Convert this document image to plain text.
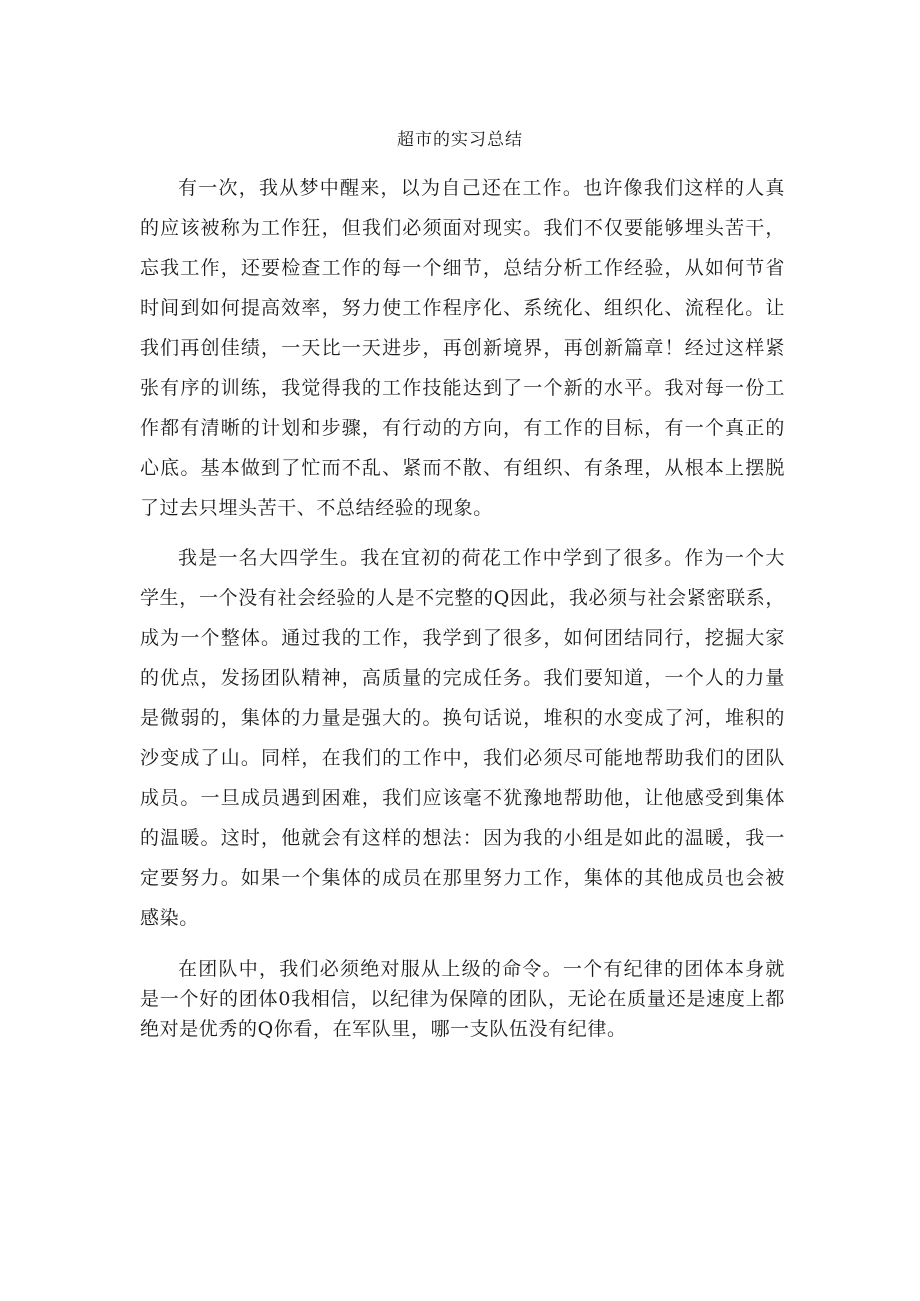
超市的实习总结

有一次，我从梦中醒来，以为自己还在工作。也许像我们这样的人真的应该被称为工作狂，但我们必须面对现实。我们不仅要能够埋头苦干，忘我工作，还要检查工作的每一个细节，总结分析工作经验，从如何节省时间到如何提高效率，努力使工作程序化、系统化、组织化、流程化。让我们再创佳绩，一天比一天进步，再创新境界，再创新篇章！经过这样紧张有序的训练，我觉得我的工作技能达到了一个新的水平。我对每一份工作都有清晰的计划和步骤，有行动的方向，有工作的目标，有一个真正的心底。基本做到了忙而不乱、紧而不散、有组织、有条理，从根本上摆脱了过去只埋头苦干、不总结经验的现象。

我是一名大四学生。我在宜初的荷花工作中学到了很多。作为一个大学生，一个没有社会经验的人是不完整的Q因此，我必须与社会紧密联系，成为一个整体。通过我的工作，我学到了很多，如何团结同行，挖掘大家的优点，发扬团队精神，高质量的完成任务。我们要知道，一个人的力量是微弱的，集体的力量是强大的。换句话说，堆积的水变成了河，堆积的沙变成了山。同样，在我们的工作中，我们必须尽可能地帮助我们的团队成员。一旦成员遇到困难，我们应该毫不犹豫地帮助他，让他感受到集体的温暖。这时，他就会有这样的想法：因为我的小组是如此的温暖，我一定要努力。如果一个集体的成员在那里努力工作，集体的其他成员也会被感染。

在团队中，我们必须绝对服从上级的命令。一个有纪律的团体本身就是一个好的团体0我相信，以纪律为保障的团队，无论在质量还是速度上都绝对是优秀的Q你看，在军队里，哪一支队伍没有纪律。
